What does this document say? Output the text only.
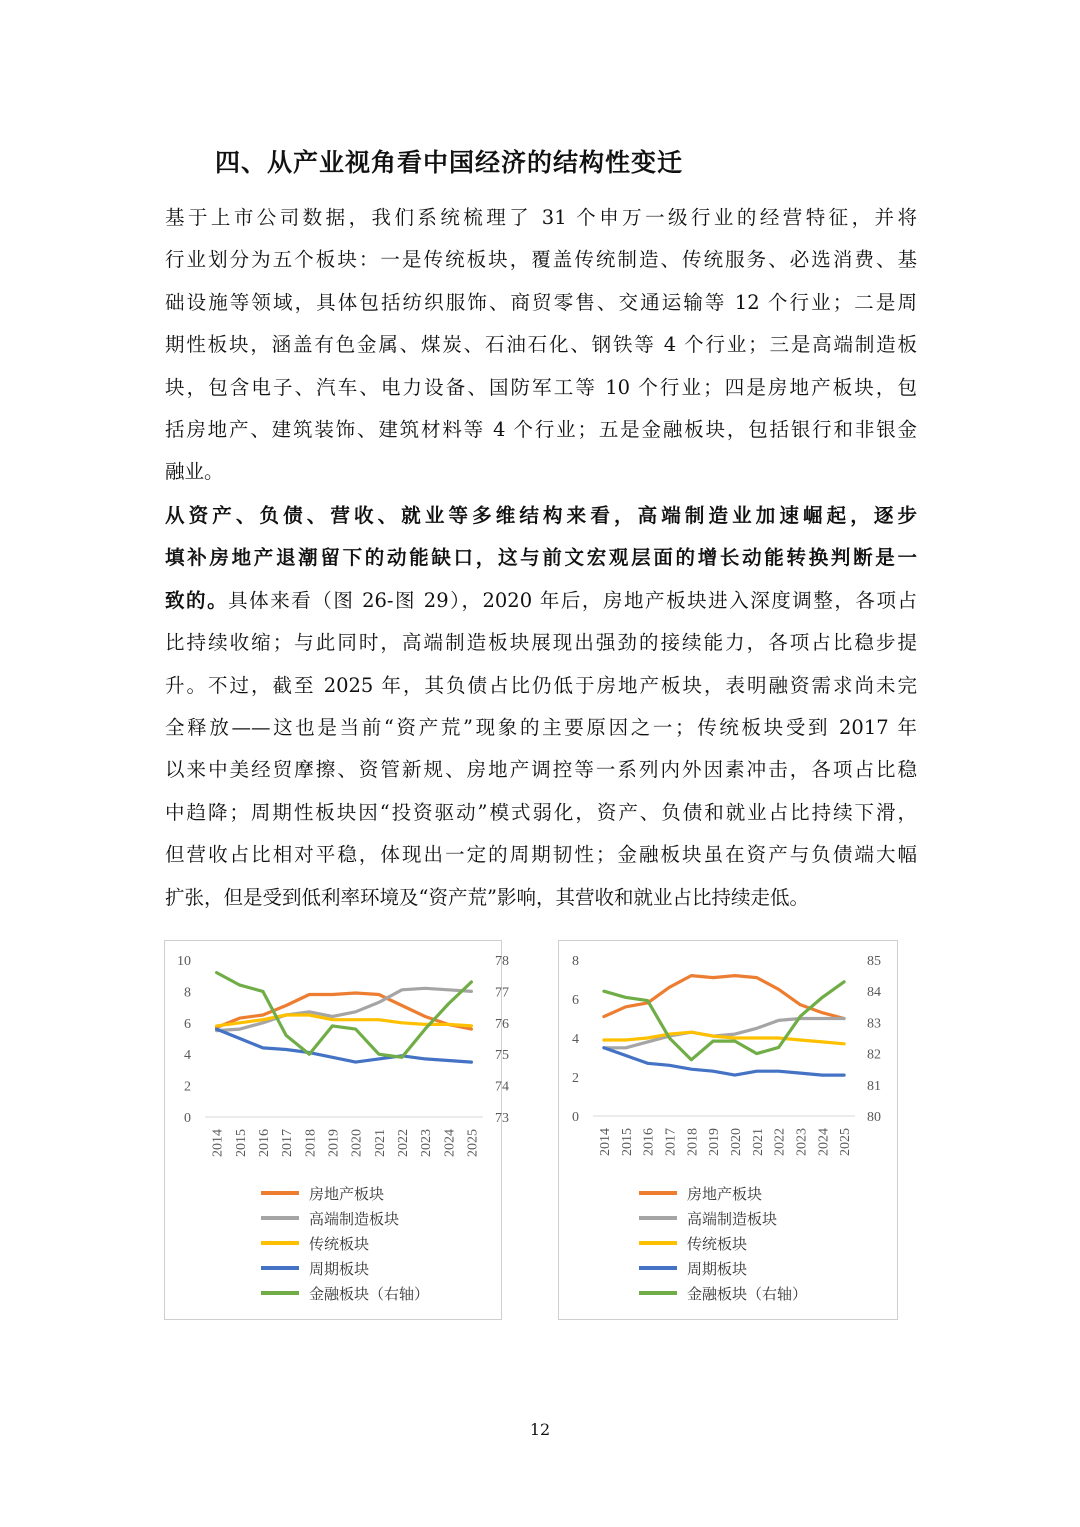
四、从产业视角看中国经济的结构性变迁
基于上市公司数据，我们系统梳理了 31 个申万一级行业的经营特征，并将
行业划分为五个板块：一是传统板块，覆盖传统制造、传统服务、必选消费、基
础设施等领域，具体包括纺织服饰、商贸零售、交通运输等 12 个行业；二是周
期性板块，涵盖有色金属、煤炭、石油石化、钢铁等 4 个行业；三是高端制造板
块，包含电子、汽车、电力设备、国防军工等 10 个行业；四是房地产板块，包
括房地产、建筑装饰、建筑材料等 4 个行业；五是金融板块，包括银行和非银金
融业。
从资产、负债、营收、就业等多维结构来看，高端制造业加速崛起，逐步
填补房地产退潮留下的动能缺口，这与前文宏观层面的增长动能转换判断是一
致的。具体来看（图 26-图 29），2020 年后，房地产板块进入深度调整，各项占
比持续收缩；与此同时，高端制造板块展现出强劲的接续能力，各项占比稳步提
升。不过，截至 2025 年，其负债占比仍低于房地产板块，表明融资需求尚未完
全释放——这也是当前“资产荒”现象的主要原因之一；传统板块受到 2017 年
以来中美经贸摩擦、资管新规、房地产调控等一系列内外因素冲击，各项占比稳
中趋降；周期性板块因“投资驱动”模式弱化，资产、负债和就业占比持续下滑，
但营收占比相对平稳，体现出一定的周期韧性；金融板块虽在资产与负债端大幅
扩张，但是受到低利率环境及“资产荒”影响，其营收和就业占比持续走低。
0
2
4
6
8
10
73
74
75
76
77
78
2014 2015 2016 2017 2018 2019 2020 2021 2022 2023 2024 2025
房地产板块
高端制造板块
传统板块
周期板块
金融板块（右轴）
0
2
4
6
8
80
81
82
83
84
85
2014 2015 2016 2017 2018 2019 2020 2021 2022 2023 2024 2025
房地产板块
高端制造板块
传统板块
周期板块
金融板块（右轴）
12
